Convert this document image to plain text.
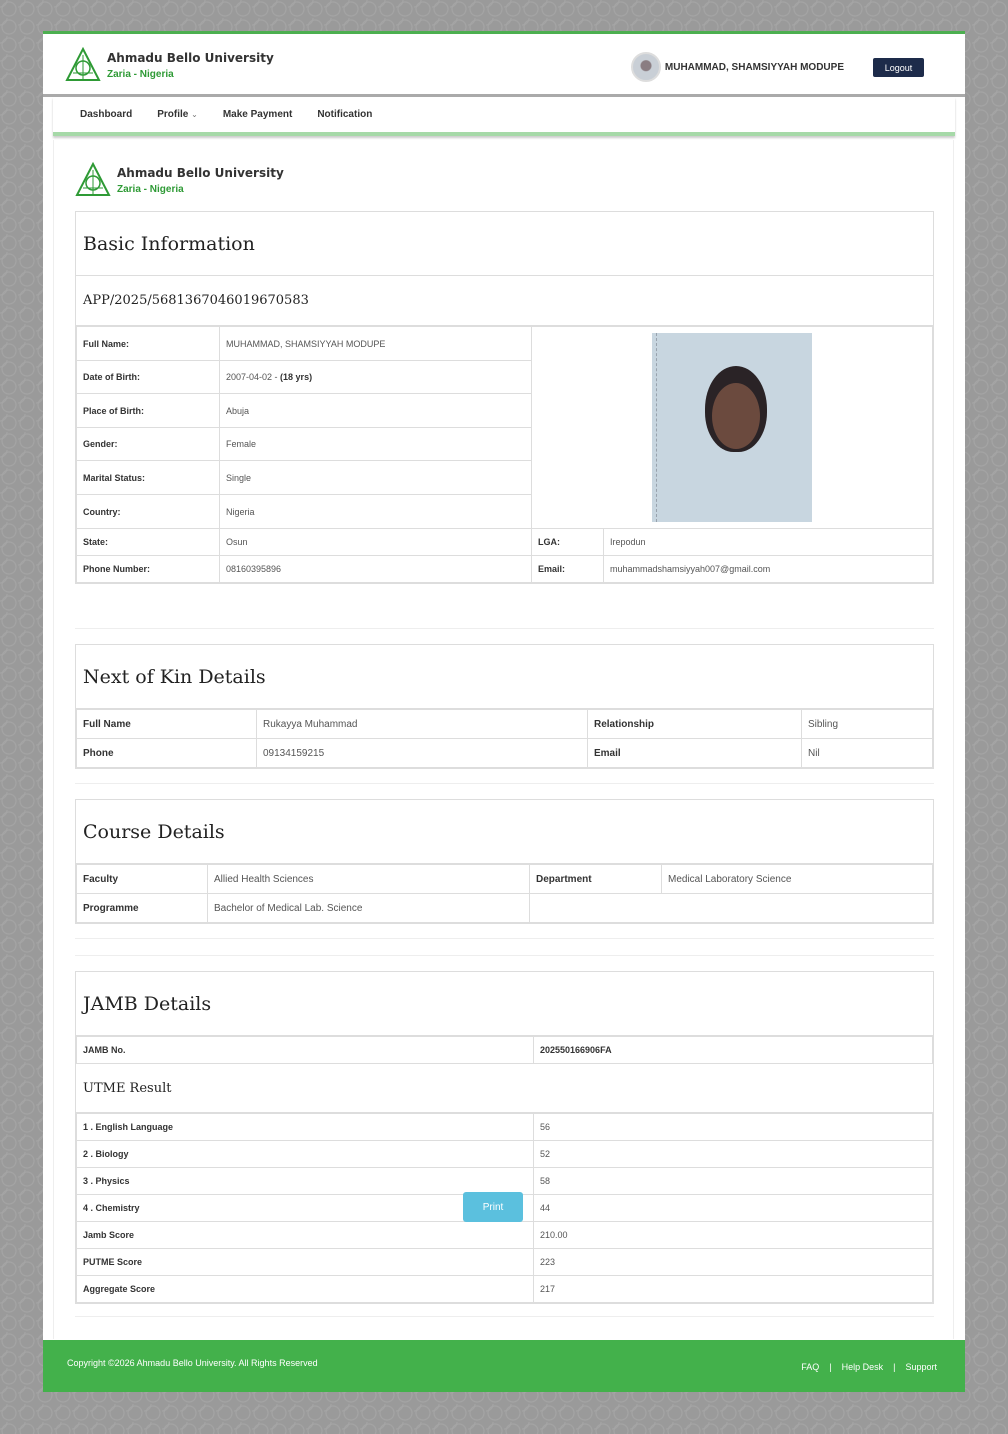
Ahmadu Bello University
Zaria - Nigeria
MUHAMMAD, SHAMSIYYAH MODUPE	Logout
Dashboard	Profile ⌄	Make Payment	Notification
Ahmadu Bello University
Zaria - Nigeria
Basic Information
APP/2025/5681367046019670583
Full Name:	MUHAMMAD, SHAMSIYYAH MODUPE		

Date of Birth:	2007-04-02 - (18 yrs)		
Place of Birth:	Abuja		
Gender:	Female		
Marital Status:	Single		
Country:	Nigeria		
State:	Osun	LGA:	Irepodun
Phone Number:	08160395896	Email:	muhammadshamsiyyah007@gmail.com
Next of Kin Details
Full Name	Rukayya Muhammad	Relationship	Sibling
Phone	09134159215	Email	Nil
Course Details
Faculty	Allied Health Sciences	Department	Medical Laboratory Science
Programme	Bachelor of Medical Lab. Science		
JAMB Details
JAMB No.	202550166906FA
UTME Result
1 . English Language	56
2 . Biology	52
3 . Physics	58
4 . Chemistry	44
Jamb Score	210.00
PUTME Score	223
Aggregate Score	217
Print
Copyright ©2026 Ahmadu Bello University. All Rights Reserved	FAQ | Help Desk | Support
